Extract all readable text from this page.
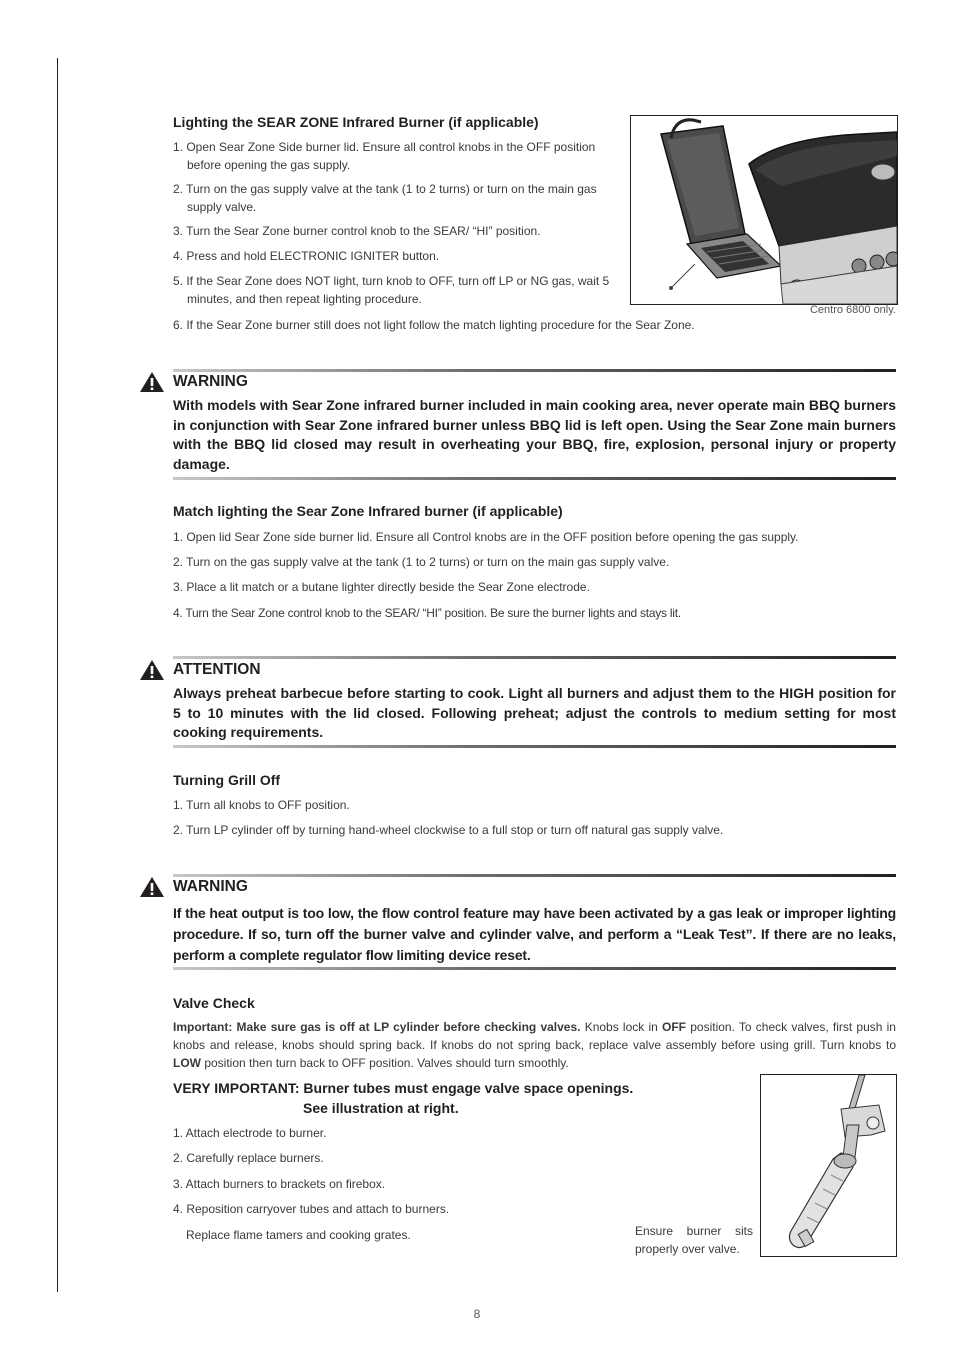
Lighting the SEAR ZONE Infrared Burner (if applicable)

1. Open Sear Zone Side burner lid. Ensure all control knobs in the OFF position before opening the gas supply.

2. Turn on the gas supply valve at the tank (1 to 2 turns) or turn on the main gas supply valve.

3. Turn the Sear Zone burner control knob to the SEAR/ “HI” position.

4. Press and hold ELECTRONIC IGNITER button.

5. If the Sear Zone does NOT light, turn knob to OFF, turn off LP or NG gas, wait 5 minutes, and then repeat lighting procedure.

6. If the Sear Zone burner still does not light follow the match lighting procedure for the Sear Zone.

Centro 6800 only.

WARNING

With models with Sear Zone infrared burner included in main cooking area, never operate main BBQ burners in conjunction with Sear Zone infrared burner unless BBQ lid is left open. Using the Sear Zone main burners with the BBQ lid closed may result in overheating your BBQ, fire, explosion, personal injury or property damage.

Match lighting the Sear Zone Infrared burner (if applicable)

1. Open lid Sear Zone side burner lid. Ensure all Control knobs are in the OFF position before opening the gas supply.

2. Turn on the gas supply valve at the tank (1 to 2 turns) or turn on the main gas supply valve.

3. Place a lit match or a butane lighter directly beside the Sear Zone electrode.

4. Turn the Sear Zone control knob to the SEAR/ “HI” position. Be sure the burner lights and stays lit.

ATTENTION

Always preheat barbecue before starting to cook. Light all burners and adjust them to the HIGH position for 5 to 10 minutes with the lid closed. Following preheat; adjust the controls to medium setting for most cooking requirements.

Turning Grill Off

1. Turn all knobs to OFF position.

2. Turn LP cylinder off by turning hand-wheel clockwise to a full stop or turn off natural gas supply valve.

WARNING

If the heat output is too low, the flow control feature may have been activated by a gas leak or improper lighting procedure. If so, turn off the burner valve and cylinder valve, and perform a “Leak Test”. If there are no leaks, perform a complete regulator flow limiting device reset.

Valve Check

Important: Make sure gas is off at LP cylinder before checking valves. Knobs lock in OFF position. To check valves, first push in knobs and release, knobs should spring back. If knobs do not spring back, replace valve assembly before using grill. Turn knobs to LOW position then turn back to OFF position. Valves should turn smoothly.

VERY IMPORTANT: Burner tubes must engage valve space openings.

See illustration at right.

1. Attach electrode to burner.

2. Carefully replace burners.

3. Attach burners to brackets on firebox.

4. Reposition carryover tubes and attach to burners.

Replace flame tamers and cooking grates.	Ensure burner sits properly over valve.

8
